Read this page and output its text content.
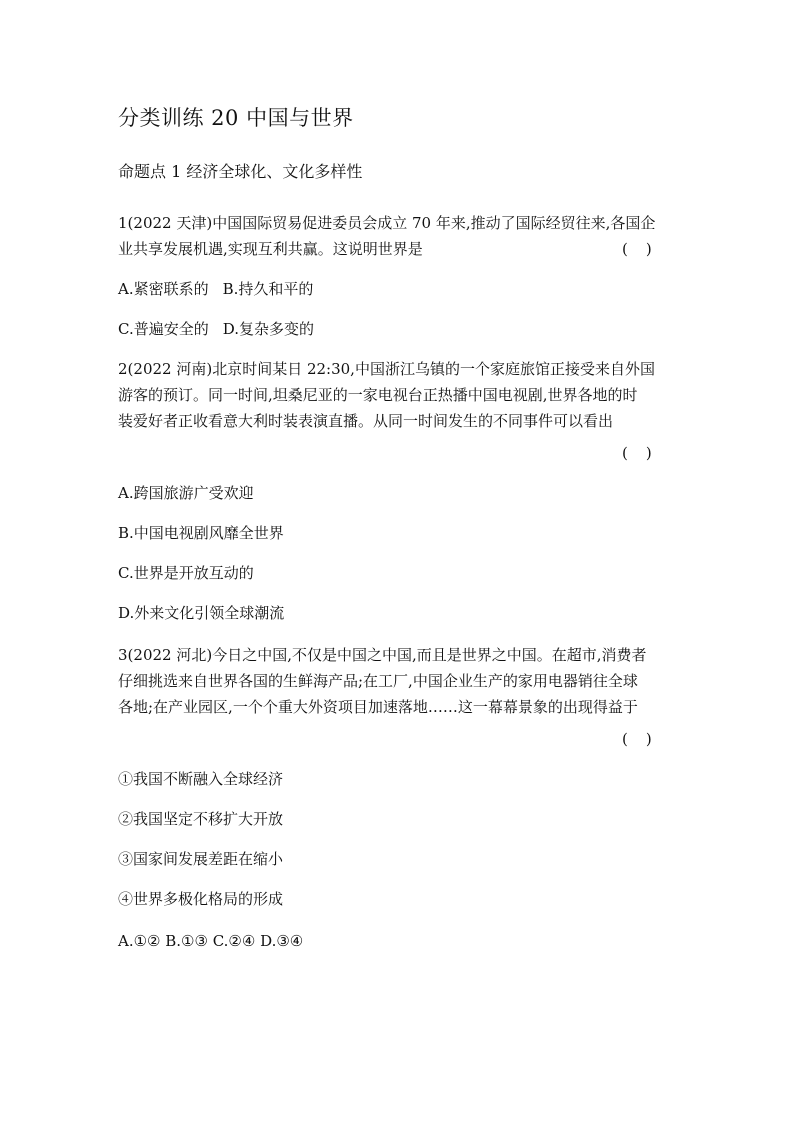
分类训练 20 中国与世界
命题点 1 经济全球化、文化多样性
1(2022 天津)中国国际贸易促进委员会成立 70 年来,推动了国际经贸往来,各国企
业共享发展机遇,实现互利共赢。这说明世界是	()
A.紧密联系的 B.持久和平的
C.普遍安全的 D.复杂多变的
2(2022 河南)北京时间某日 22:30,中国浙江乌镇的一个家庭旅馆正接受来自外国
游客的预订。同一时间,坦桑尼亚的一家电视台正热播中国电视剧,世界各地的时
装爱好者正收看意大利时装表演直播。从同一时间发生的不同事件可以看出
()
A.跨国旅游广受欢迎
B.中国电视剧风靡全世界
C.世界是开放互动的
D.外来文化引领全球潮流
3(2022 河北)今日之中国,不仅是中国之中国,而且是世界之中国。在超市,消费者
仔细挑选来自世界各国的生鲜海产品;在工厂,中国企业生产的家用电器销往全球
各地;在产业园区,一个个重大外资项目加速落地……这一幕幕景象的出现得益于
()
①我国不断融入全球经济
②我国坚定不移扩大开放
③国家间发展差距在缩小
④世界多极化格局的形成
A.①② B.①③ C.②④ D.③④
